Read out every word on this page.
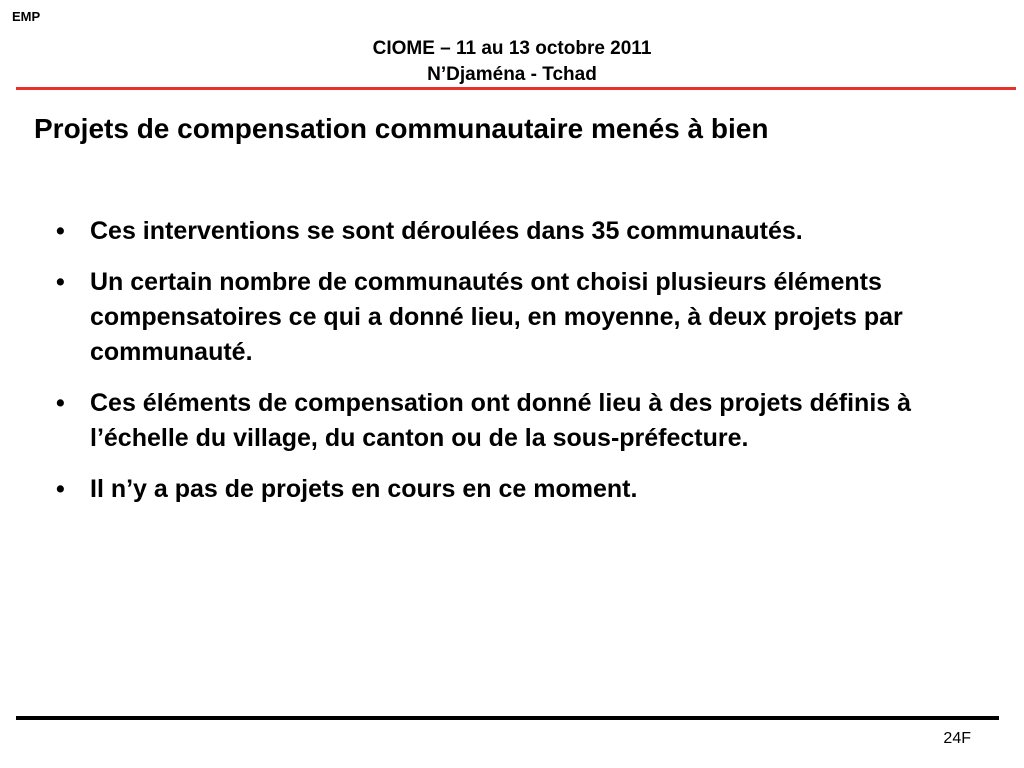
EMP
CIOME – 11 au 13 octobre 2011
N’Djaména - Tchad
Projets de compensation communautaire menés à bien
• Ces interventions se sont déroulées dans 35 communautés.
• Un certain nombre de communautés ont choisi plusieurs éléments compensatoires ce qui a donné lieu, en moyenne, à deux projets par communauté.
• Ces éléments de compensation ont donné lieu à des projets définis à l’échelle du village, du canton ou de la sous-préfecture.
• Il n’y a pas de projets en cours en ce moment.
24F
